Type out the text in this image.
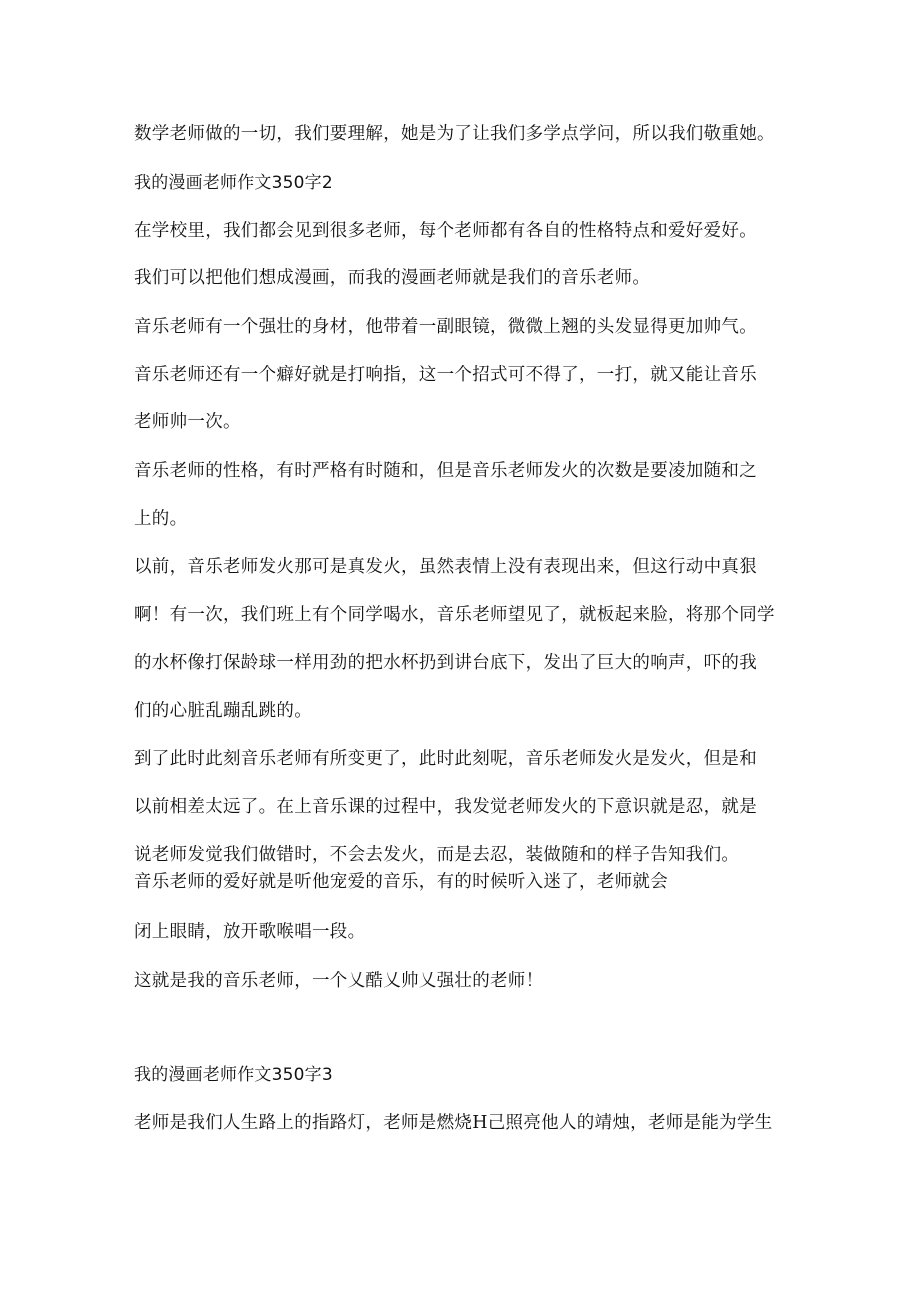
数学老师做的一切，我们要理解，她是为了让我们多学点学问，所以我们敬重她。
我的漫画老师作文350字2
在学校里，我们都会见到很多老师，每个老师都有各自的性格特点和爱好爱好。
我们可以把他们想成漫画，而我的漫画老师就是我们的音乐老师。
音乐老师有一个强壮的身材，他带着一副眼镜，微微上翘的头发显得更加帅气。
音乐老师还有一个癖好就是打响指，这一个招式可不得了，一打，就又能让音乐
老师帅一次。
音乐老师的性格，有时严格有时随和，但是音乐老师发火的次数是要凌加随和之
上的。
以前，音乐老师发火那可是真发火，虽然表情上没有表现出来，但这行动中真狠
啊！有一次，我们班上有个同学喝水，音乐老师望见了，就板起来脸，将那个同学
的水杯像打保龄球一样用劲的把水杯扔到讲台底下，发出了巨大的响声，吓的我
们的心脏乱蹦乱跳的。
到了此时此刻音乐老师有所变更了，此时此刻呢，音乐老师发火是发火，但是和
以前相差太远了。在上音乐课的过程中，我发觉老师发火的下意识就是忍，就是
说老师发觉我们做错时，不会去发火，而是去忍，装做随和的样子告知我们。
音乐老师的爱好就是听他宠爱的音乐，有的时候听入迷了，老师就会
闭上眼睛，放开歌喉唱一段。
这就是我的音乐老师，一个乂酷乂帅乂强壮的老师！
我的漫画老师作文350字3
老师是我们人生路上的指路灯，老师是燃烧H己照亮他人的靖烛，老师是能为学生
